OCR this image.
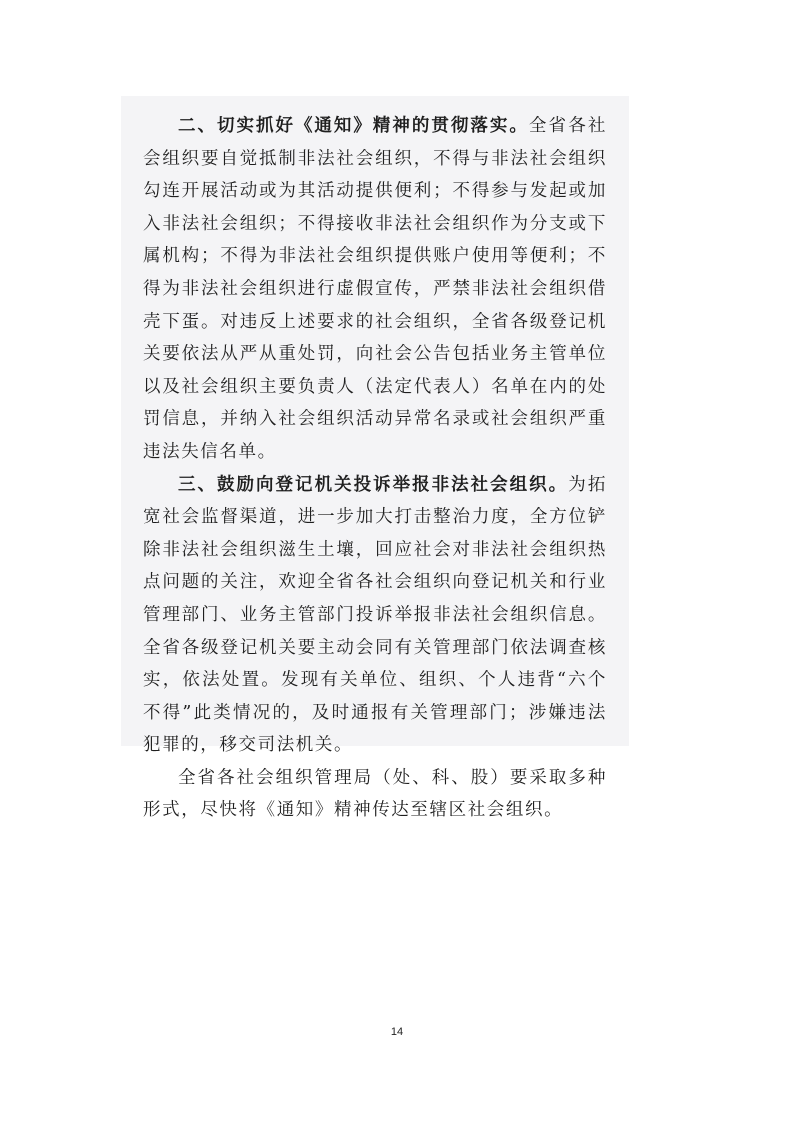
二、切实抓好《通知》精神的贯彻落实。全省各社会组织要自觉抵制非法社会组织，不得与非法社会组织勾连开展活动或为其活动提供便利；不得参与发起或加入非法社会组织；不得接收非法社会组织作为分支或下属机构；不得为非法社会组织提供账户使用等便利；不得为非法社会组织进行虚假宣传，严禁非法社会组织借壳下蛋。对违反上述要求的社会组织，全省各级登记机关要依法从严从重处罚，向社会公告包括业务主管单位以及社会组织主要负责人（法定代表人）名单在内的处罚信息，并纳入社会组织活动异常名录或社会组织严重违法失信名单。

三、鼓励向登记机关投诉举报非法社会组织。为拓宽社会监督渠道，进一步加大打击整治力度，全方位铲除非法社会组织滋生土壤，回应社会对非法社会组织热点问题的关注，欢迎全省各社会组织向登记机关和行业管理部门、业务主管部门投诉举报非法社会组织信息。全省各级登记机关要主动会同有关管理部门依法调查核实，依法处置。发现有关单位、组织、个人违背“六个不得”此类情况的，及时通报有关管理部门；涉嫌违法犯罪的，移交司法机关。

全省各社会组织管理局（处、科、股）要采取多种形式，尽快将《通知》精神传达至辖区社会组织。

14
